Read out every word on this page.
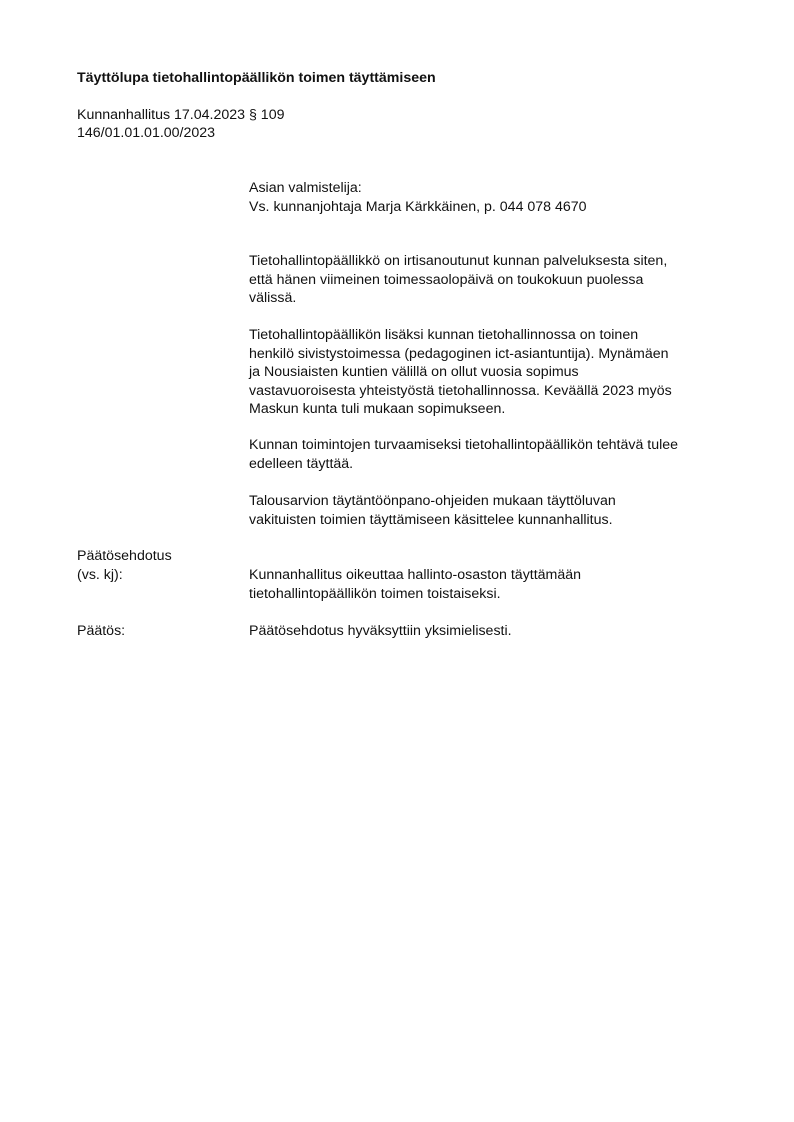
Täyttölupa tietohallintopäällikön toimen täyttämiseen
Kunnanhallitus 17.04.2023 § 109
146/01.01.01.00/2023
Asian valmistelija:
Vs. kunnanjohtaja Marja Kärkkäinen, p. 044 078 4670
Tietohallintopäällikkö on irtisanoutunut kunnan palveluksesta siten,
että hänen viimeinen toimessaolopäivä on toukokuun puolessa
välissä.
Tietohallintopäällikön lisäksi kunnan tietohallinnossa on toinen
henkilö sivistystoimessa (pedagoginen ict-asiantuntija). Mynämäen
ja Nousiaisten kuntien välillä on ollut vuosia sopimus
vastavuoroisesta yhteistyöstä tietohallinnossa. Keväällä 2023 myös
Maskun kunta tuli mukaan sopimukseen.
Kunnan toimintojen turvaamiseksi tietohallintopäällikön tehtävä tulee
edelleen täyttää.
Talousarvion täytäntöönpano-ohjeiden mukaan täyttöluvan
vakituisten toimien täyttämiseen käsittelee kunnanhallitus.
Päätösehdotus
(vs. kj):	Kunnanhallitus oikeuttaa hallinto-osaston täyttämään
tietohallintopäällikön toimen toistaiseksi.
Päätös:	Päätösehdotus hyväksyttiin yksimielisesti.
